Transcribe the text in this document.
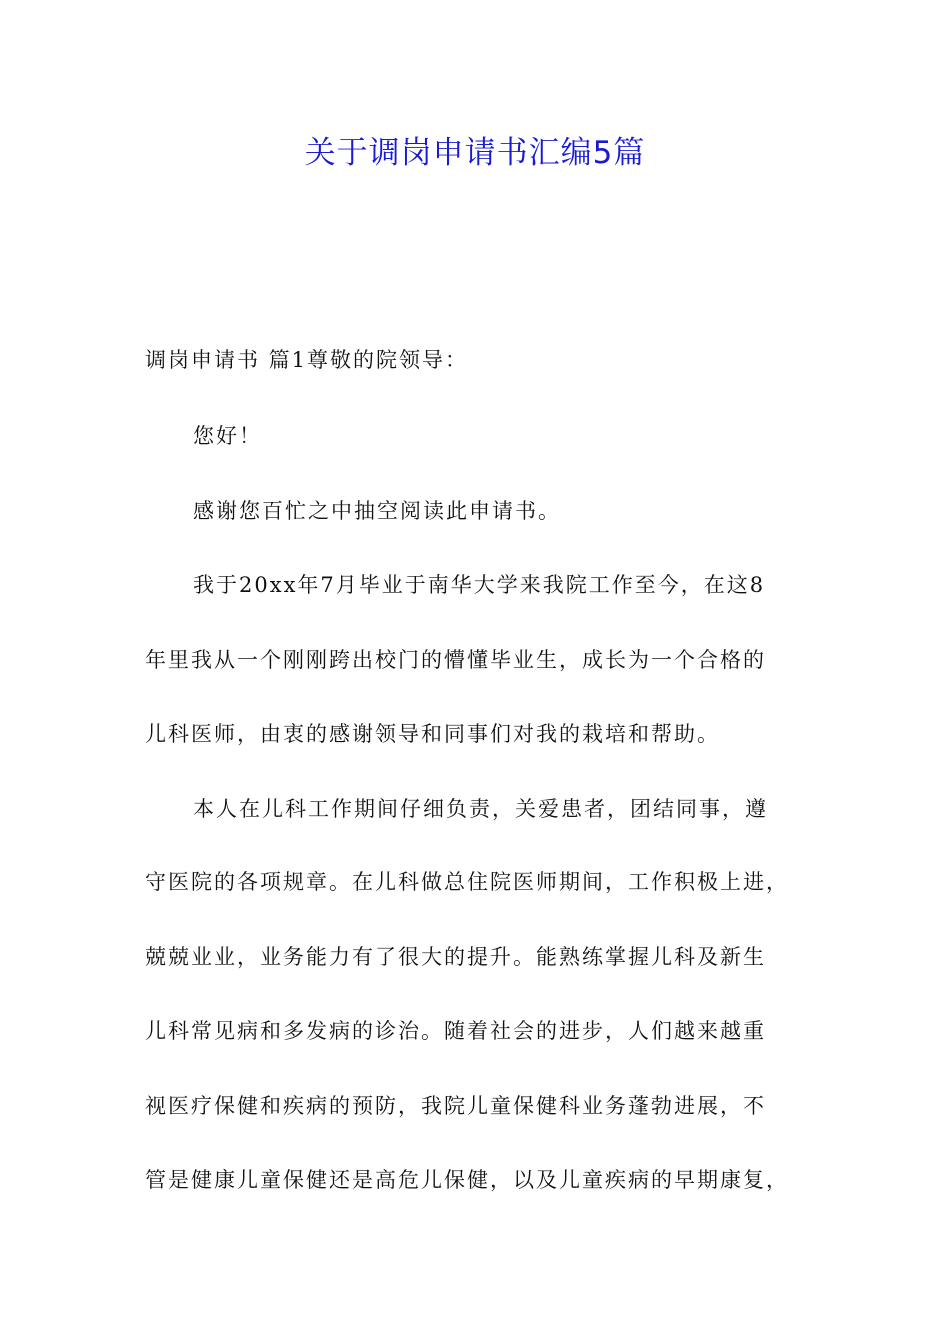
关于调岗申请书汇编5篇
调岗申请书 篇1尊敬的院领导：
您好！
感谢您百忙之中抽空阅读此申请书。
我于20xx年7月毕业于南华大学来我院工作至今，在这8
年里我从一个刚刚跨出校门的懵懂毕业生，成长为一个合格的
儿科医师，由衷的感谢领导和同事们对我的栽培和帮助。
本人在儿科工作期间仔细负责，关爱患者，团结同事，遵
守医院的各项规章。在儿科做总住院医师期间，工作积极上进，
兢兢业业，业务能力有了很大的提升。能熟练掌握儿科及新生
儿科常见病和多发病的诊治。随着社会的进步，人们越来越重
视医疗保健和疾病的预防，我院儿童保健科业务蓬勃进展，不
管是健康儿童保健还是高危儿保健，以及儿童疾病的早期康复，
